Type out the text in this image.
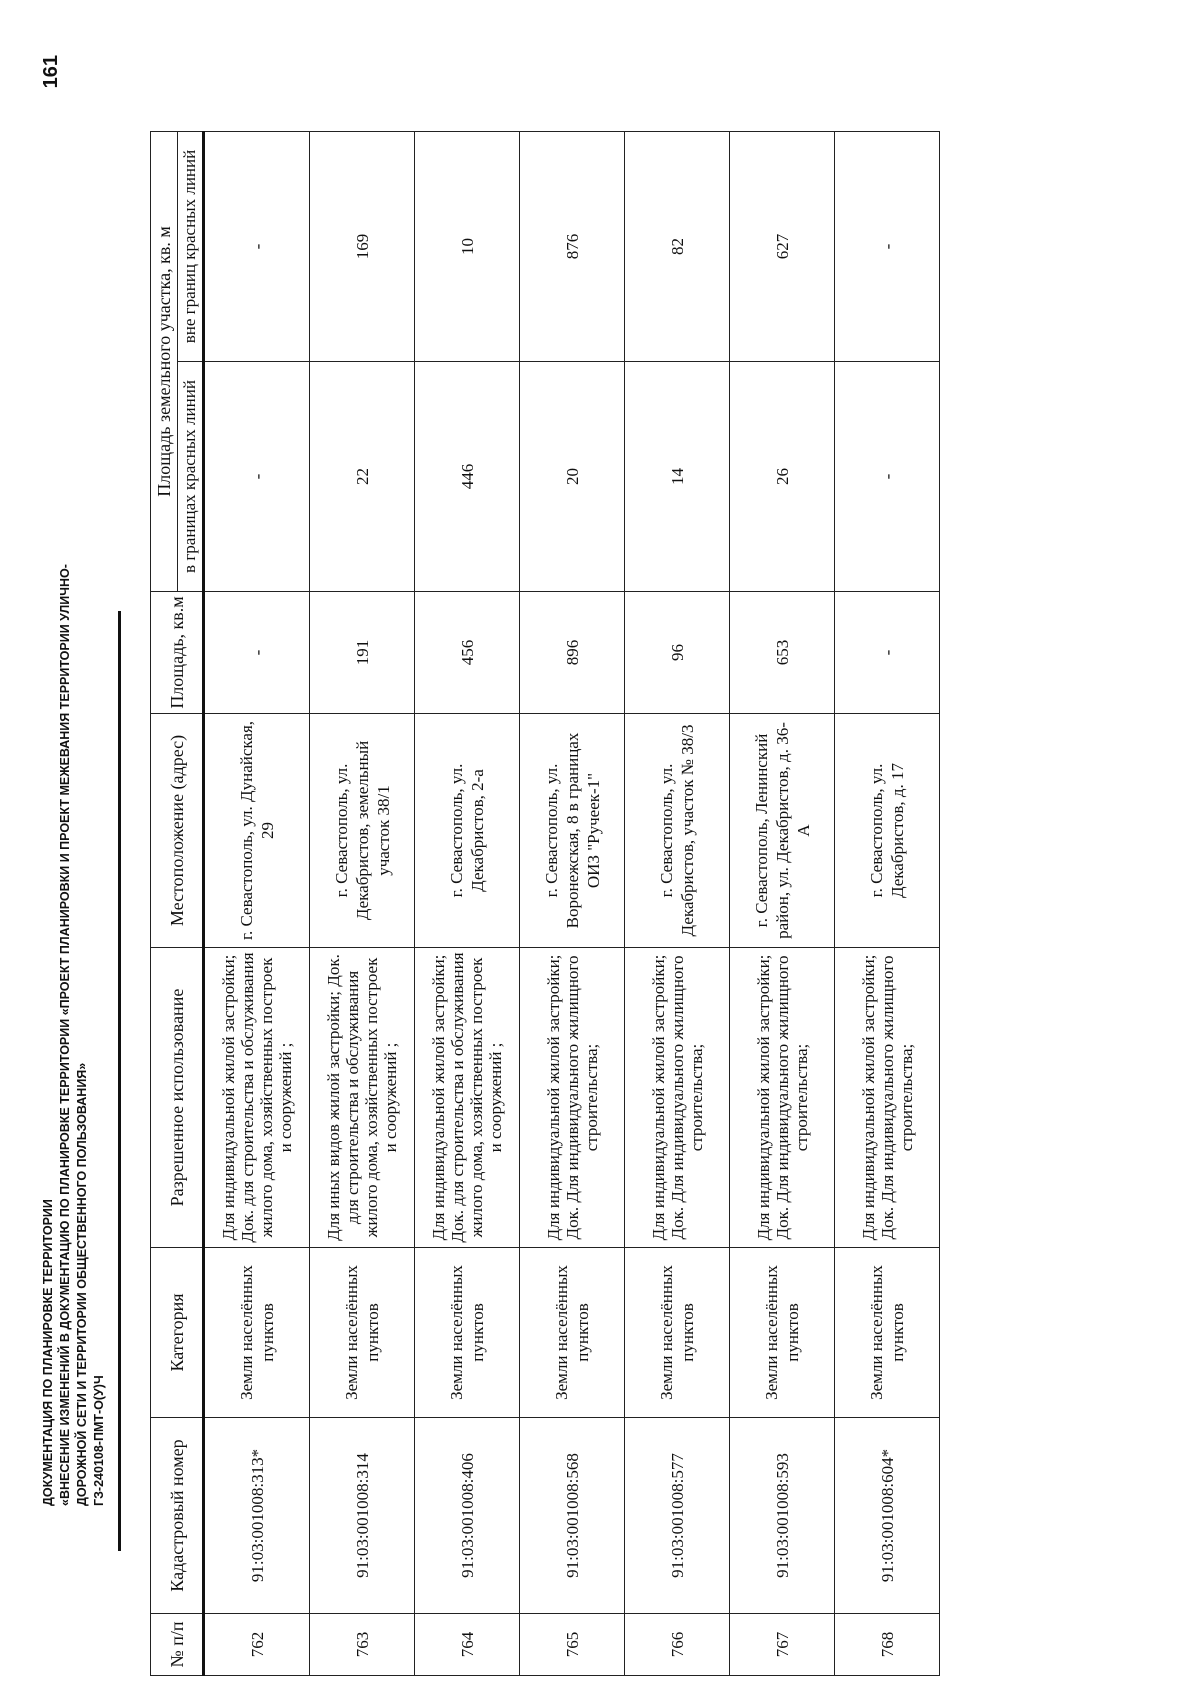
ДОКУМЕНТАЦИЯ ПО ПЛАНИРОВКЕ ТЕРРИТОРИИ «ВНЕСЕНИЕ ИЗМЕНЕНИЙ В ДОКУМЕНТАЦИЮ ПО ПЛАНИРОВКЕ ТЕРРИТОРИИ «ПРОЕКТ ПЛАНИРОВКИ И ПРОЕКТ МЕЖЕВАНИЯ ТЕРРИТОРИИ УЛИЧНО- ДОРОЖНОЙ СЕТИ И ТЕРРИТОРИИ ОБЩЕСТВЕННОГО ПОЛЬЗОВАНИЯ» ГЗ-240108-ПМТ-О(У)Ч
161
№ п/п	Кадастровый номер	Категория	Разрешенное использование	Местоположение (адрес)	Площадь, кв.м	Площадь земельного участка, кв. м	
						в границах красных линий	вне границ красных линий
762	91:03:001008:313*	Земли населённых пунктов	Для индивидуальной жилой застройки; Док. для строительства и обслуживания жилого дома, хозяйственных построек и сооружений ;	г. Севастополь, ул. Дунайская, 29	-	-	-
763	91:03:001008:314	Земли населённых пунктов	Для иных видов жилой застройки; Док. для строительства и обслуживания жилого дома, хозяйственных построек и сооружений ;	г. Севастополь, ул. Декабристов, земельный участок 38/1	191	22	169
764	91:03:001008:406	Земли населённых пунктов	Для индивидуальной жилой застройки; Док. для строительства и обслуживания жилого дома, хозяйственных построек и сооружений ;	г. Севастополь, ул. Декабристов, 2-а	456	446	10
765	91:03:001008:568	Земли населённых пунктов	Для индивидуальной жилой застройки; Док. Для индивидуального жилищного строительства;	г. Севастополь, ул. Воронежская, 8 в границах ОИЗ "Ручеек-1"	896	20	876
766	91:03:001008:577	Земли населённых пунктов	Для индивидуальной жилой застройки; Док. Для индивидуального жилищного строительства;	г. Севастополь, ул. Декабристов, участок № 38/3	96	14	82
767	91:03:001008:593	Земли населённых пунктов	Для индивидуальной жилой застройки; Док. Для индивидуального жилищного строительства;	г. Севастополь, Ленинский район, ул. Декабристов, д. 36-А	653	26	627
768	91:03:001008:604*	Земли населённых пунктов	Для индивидуальной жилой застройки; Док. Для индивидуального жилищного строительства;	г. Севастополь, ул. Декабристов, д. 17	-	-	-
